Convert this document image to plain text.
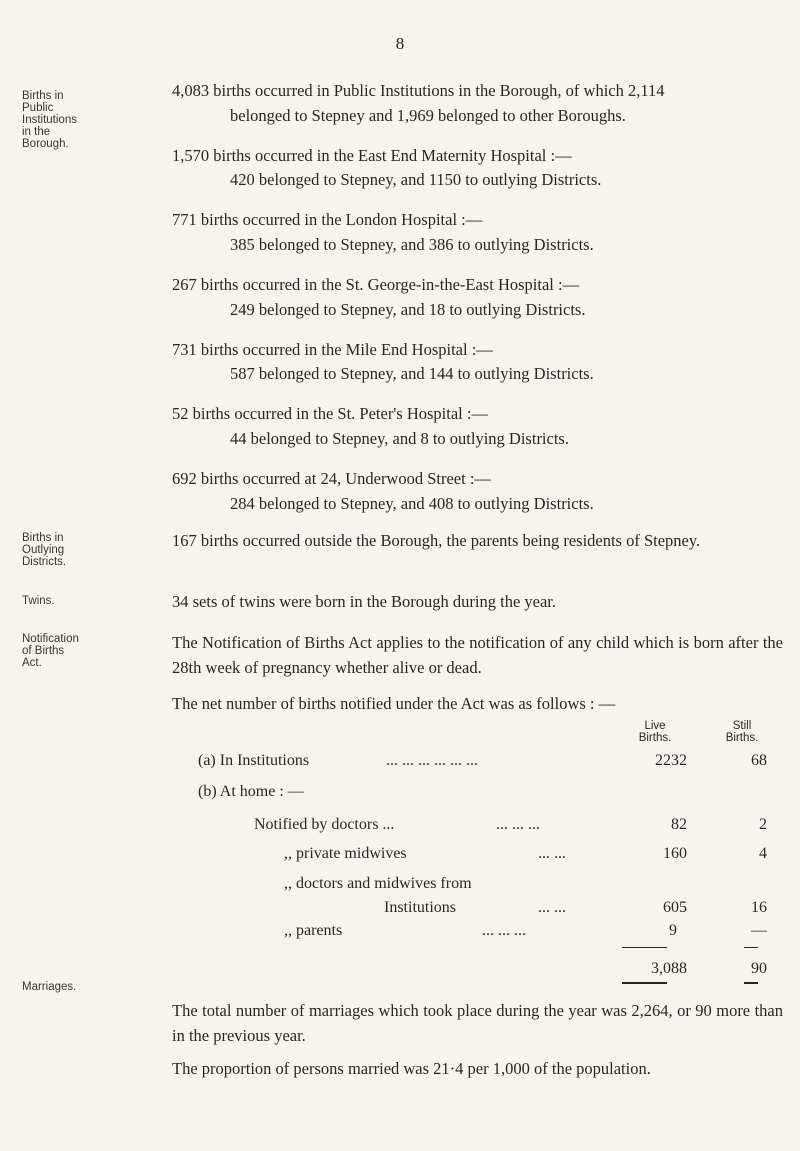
8
Births in
Public
Institutions
in the
Borough.
Births in
Outlying
Districts.
Twins.
Notification
of Births
Act.
Marriages.
4,083 births occurred in Public Institutions in the Borough, of which 2,114
belonged to Stepney and 1,969 belonged to other Boroughs.
1,570 births occurred in the East End Maternity Hospital :—
420 belonged to Stepney, and 1150 to outlying Districts.
771 births occurred in the London Hospital :—
385 belonged to Stepney, and 386 to outlying Districts.
267 births occurred in the St. George-in-the-East Hospital :—
249 belonged to Stepney, and 18 to outlying Districts.
731 births occurred in the Mile End Hospital :—
587 belonged to Stepney, and 144 to outlying Districts.
52 births occurred in the St. Peter's Hospital :—
44 belonged to Stepney, and 8 to outlying Districts.
692 births occurred at 24, Underwood Street :—
284 belonged to Stepney, and 408 to outlying Districts.
167 births occurred outside the Borough, the parents being residents of Stepney.
34 sets of twins were born in the Borough during the year.
The Notification of Births Act applies to the notification of any child which is born after the 28th week of pregnancy whether alive or dead.
The net number of births notified under the Act was as follows : —
Live
Births.
Still
Births.
(a) In Institutions	... ... ... ... ... ...	2232	68
(b) At home : —
Notified by doctors ...	... ... ...	82	2
,, private midwives	... ...	160	4
,, doctors and midwives from
Institutions	... ...	605	16
,, parents	... ... ...	9	—
3,088	90
The total number of marriages which took place during the year was 2,264, or 90 more than in the previous year.
The proportion of persons married was 21·4 per 1,000 of the population.
